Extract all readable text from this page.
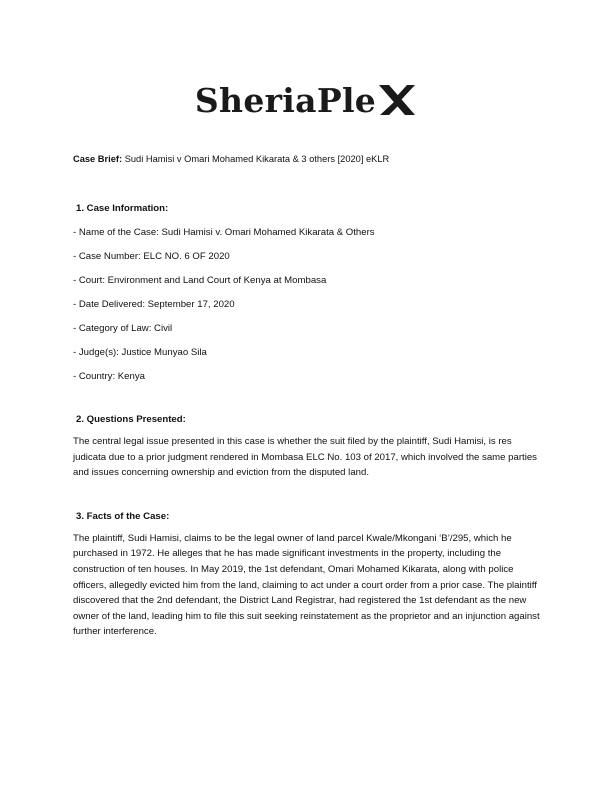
SheriaPle

Case Brief: Sudi Hamisi v Omari Mohamed Kikarata & 3 others [2020] eKLR

1. Case Information:

- Name of the Case: Sudi Hamisi v. Omari Mohamed Kikarata & Others

- Case Number: ELC NO. 6 OF 2020

- Court: Environment and Land Court of Kenya at Mombasa

- Date Delivered: September 17, 2020

- Category of Law: Civil

- Judge(s): Justice Munyao Sila

- Country: Kenya

2. Questions Presented:

The central legal issue presented in this case is whether the suit filed by the plaintiff, Sudi Hamisi, is res judicata due to a prior judgment rendered in Mombasa ELC No. 103 of 2017, which involved the same parties and issues concerning ownership and eviction from the disputed land.

3. Facts of the Case:

The plaintiff, Sudi Hamisi, claims to be the legal owner of land parcel Kwale/Mkongani ‘B’/295, which he purchased in 1972. He alleges that he has made significant investments in the property, including the construction of ten houses. In May 2019, the 1st defendant, Omari Mohamed Kikarata, along with police officers, allegedly evicted him from the land, claiming to act under a court order from a prior case. The plaintiff discovered that the 2nd defendant, the District Land Registrar, had registered the 1st defendant as the new owner of the land, leading him to file this suit seeking reinstatement as the proprietor and an injunction against further interference.
